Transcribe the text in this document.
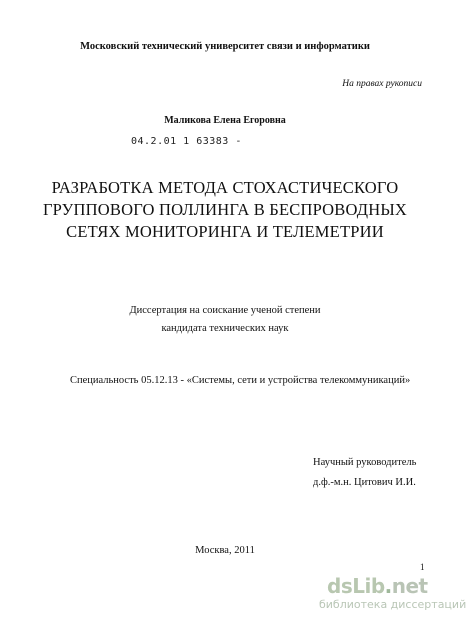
Московский технический университет связи и информатики
На правах рукописи
Маликова Елена Егоровна
04.2.01 1 63383 -
РАЗРАБОТКА МЕТОДА СТОХАСТИЧЕСКОГО
ГРУППОВОГО ПОЛЛИНГА В БЕСПРОВОДНЫХ
СЕТЯХ МОНИТОРИНГА И ТЕЛЕМЕТРИИ
Диссертация на соискание ученой степени
кандидата технических наук
Специальность 05.12.13 - «Системы, сети и устройства телекоммуникаций»
Научный руководитель
д.ф.-м.н. Цитович И.И.
Москва, 2011
1
dsLib.net
библиотека диссертаций
